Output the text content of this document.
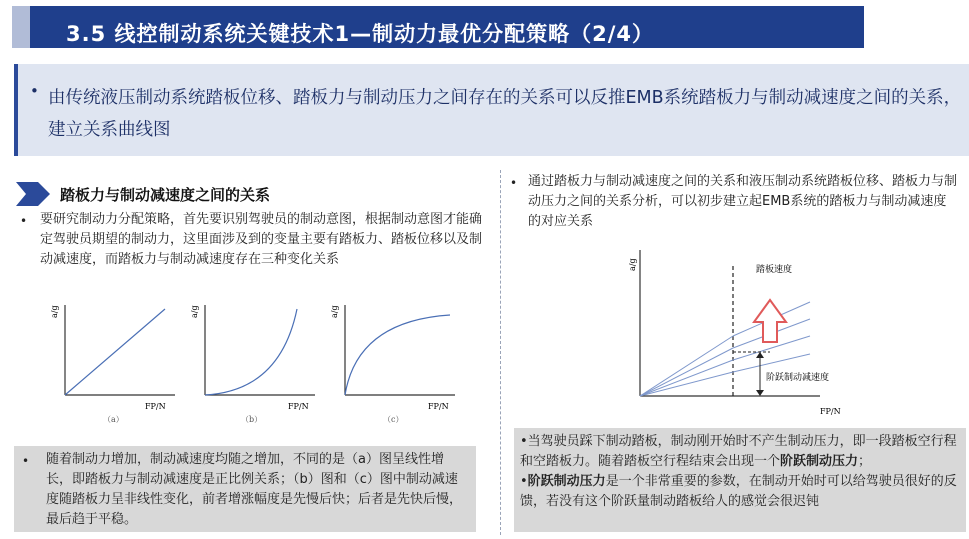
3.5 线控制动系统关键技术1—制动力最优分配策略（2/4）
• 由传统液压制动系统踏板位移、踏板力与制动压力之间存在的关系可以反推EMB系统踏板力与制动减速度之间的关系，建立关系曲线图
踏板力与制动减速度之间的关系
• 要研究制动力分配策略，首先要识别驾驶员的制动意图，根据制动意图才能确定驾驶员期望的制动力，这里面涉及到的变量主要有踏板力、踏板位移以及制动减速度，而踏板力与制动减速度存在三种变化关系
a/g
FP/N
（a）
a/g
FP/N
（b）
a/g
FP/N
（c）
• 随着制动力增加，制动减速度均随之增加，不同的是（a）图呈线性增长，即踏板力与制动减速度是正比例关系；（b）图和（c）图中制动减速度随踏板力呈非线性变化，前者增涨幅度是先慢后快；后者是先快后慢，最后趋于平稳。
• 通过踏板力与制动减速度之间的关系和液压制动系统踏板位移、踏板力与制动压力之间的关系分析，可以初步建立起EMB系统的踏板力与制动减速度的对应关系
a/g
FP/N
踏板速度
阶跃制动减速度
•当驾驶员踩下制动踏板，制动刚开始时不产生制动压力，即一段踏板空行程和空踏板力。随着踏板空行程结束会出现一个阶跃制动压力；
•阶跃制动压力是一个非常重要的参数，在制动开始时可以给驾驶员很好的反馈，若没有这个阶跃量制动踏板给人的感觉会很迟钝
